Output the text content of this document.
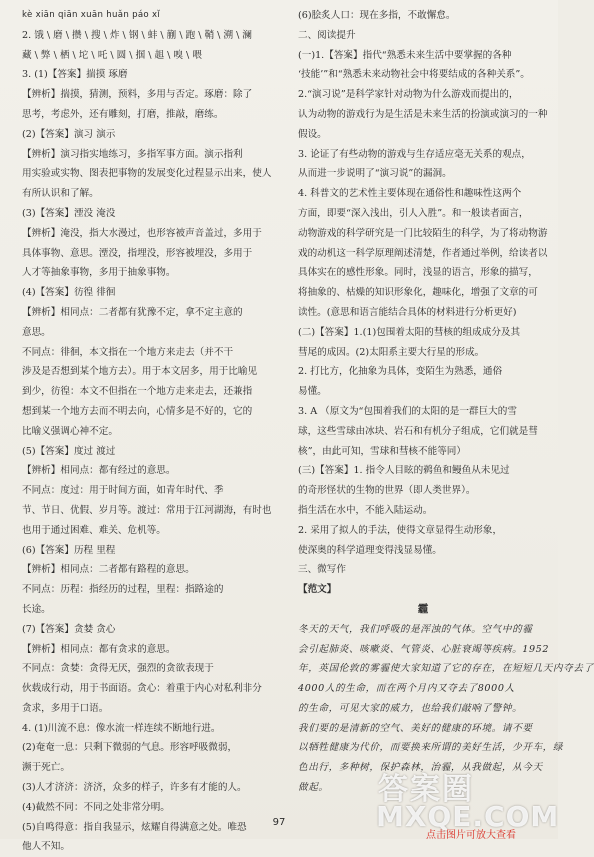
kè xiān qiān xuān huǎn páo xǐ
2. 饿 \ 磨 \ 攒 \ 搜 \ 炸 \ 钢 \ 蚌 \ 蒯 \ 跑 \ 鞘 \ 溯 \ 澜
藏 \ 弊 \ 栖 \ 坨 \ 吒 \ 圆 \ 掴 \ 趄 \ 嗅 \ 喂
3. (1)【答案】揣摸 琢磨
【辨析】揣摸，猜测，预料，多用与否定。琢磨：除了
思考，考虑外，还有雕刻，打磨，推敲，磨练。
(2)【答案】演习 演示
【辨析】演习指实地练习，多指军事方面。演示指利
用实验或实物、图表把事物的发展变化过程显示出来，使人
有所认识和了解。
(3)【答案】湮没 淹没
【辨析】淹没，指大水漫过，也形容被声音盖过，多用于
具体事物、意思。湮没，指埋没，形容被埋没，多用于
人才等抽象事物，多用于抽象事物。
(4)【答案】彷徨 徘徊
【辨析】相同点：二者都有犹豫不定，拿不定主意的
意思。
不同点：徘徊，本文指在一个地方来走去（并不干
涉及是否想到某个地方去）。用于本文居多，用于比喻见
到少，彷徨：本文不但指在一个地方走来走去，还兼指
想到某一个地方去而不明去向，心情多是不好的，它的
比喻义强调心神不定。
(5)【答案】度过 渡过
【辨析】相同点：都有经过的意思。
不同点：度过：用于时间方面，如青年时代、季
节、节日、优假、岁月等。渡过：常用于江河湖海，有时也
也用于通过困难、难关、危机等。
(6)【答案】历程 里程
【辨析】相同点：二者都有路程的意思。
不同点：历程：指经历的过程，里程：指路途的
长途。
(7)【答案】贪婪 贪心
【辨析】相同点：都有贪求的意思。
不同点：贪婪：贪得无厌，强烈的贪欲表现于
伙载成行动，用于书面语。贪心：着重于内心对私利非分
贪求，多用于口语。
4. (1)川流不息：像水流一样连续不断地行进。
(2)奄奄一息：只剩下微弱的气息。形容呼吸微弱，
濒于死亡。
(3)人才济济：济济，众多的样子，许多有才能的人。
(4)截然不同：不同之处非常分明。
(5)自鸣得意：指自我显示，炫耀自得满意之处。唯恐
他人不知。
(6)脍炙人口：现在多指，不敢懈怠。
二、阅读提升
(一)1.【答案】指代“熟悉未来生活中要掌握的各种
‘技能’”和“熟悉未来动物社会中将要结成的各种关系”。
2.“演习说”是科学家针对动物为什么游戏而提出的，
认为动物的游戏行为是生活是未来生活的扮演或演习的一种
假设。
3. 论证了有些动物的游戏与生存适应毫无关系的观点，
从而进一步说明了“演习说”的漏洞。
4. 科普文的艺术性主要体现在通俗性和趣味性这两个
方面，即要“深入浅出，引人入胜”。和一般读者面言，
动物游戏的科学研究是一门比较陌生的科学，为了将动物游
戏的动机这一科学原理阐述清楚，作者通过举例，给读者以
具体实在的感性形象。同时，浅显的语言，形象的描写，
将抽象的、枯燥的知识形象化，趣味化，增强了文章的可
读性。(意思和语言能结合具体的材料进行分析更好)
(二)【答案】1.(1)包围着太阳的彗核的组成成分及其
彗尾的成因。(2)太阳系主要大行星的形成。
2. 打比方，化抽象为具体，变陌生为熟悉，通俗
易懂。
3. A （原文为“包围着我们的太阳的是一群巨大的雪
球，这些雪球由冰块、岩石和有机分子组成，它们就是彗
核”，由此可知，雪球和彗核不能等同）
(三)【答案】1. 指令人目眩的鹈鱼和鳗鱼从未见过
的奇形怪状的生物的世界（即人类世界）。
指生活在水中，不能入陆运动。
2. 采用了拟人的手法，使得文章显得生动形象，
使深奥的科学道理变得浅显易懂。
三、微写作
【范文】
霾
冬天的天气，我们呼吸的是浑浊的气体。空气中的霾
会引起肺炎、咳嗽炎、气管炎、心脏衰竭等疾病。1952
年，英国伦敦的雾霾使大家知道了它的存在，在短短几天内夺去了
4000人的生命，而在两个月内又夺去了8000人
的生命，可见大家的威力，也给我们敲响了警钟。
我们要的是清新的空气、美好的健康的环境。请不要
以牺牲健康为代价，而要换来所谓的美好生活，少开车，绿
色出行，多种树，保护森林，治霾，从我做起，从今天
做起。
97
答案圈
MXQE.COM
点击图片可放大查看
